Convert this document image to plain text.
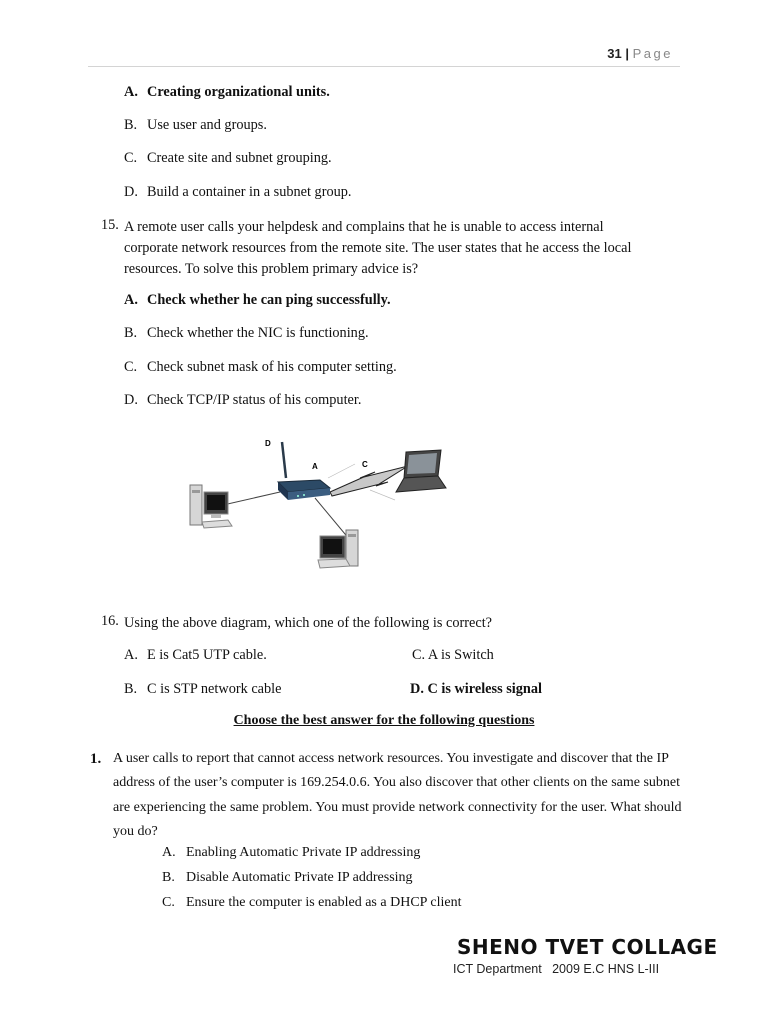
31 | Page
A. Creating organizational units.
B. Use user and groups.
C. Create site and subnet grouping.
D. Build a container in a subnet group.
15. A remote user calls your helpdesk and complains that he is unable to access internal
corporate network resources from the remote site. The user states that he access the local
resources. To solve this problem primary advice is?
A. Check whether he can ping successfully.
B. Check whether the NIC is functioning.
C. Check subnet mask of his computer setting.
D. Check TCP/IP status of his computer.
D
A	C
16. Using the above diagram, which one of the following is correct?
A. E is Cat5 UTP cable.	C. A is Switch
B. C is STP network cable	D. C is wireless signal
Choose the best answer for the following questions
1. A user calls to report that cannot access network resources. You investigate and discover that the IP address of the user’s computer is 169.254.0.6. You also discover that other clients on the same subnet are experiencing the same problem. You must provide network connectivity for the user. What should you do?
A. Enabling Automatic Private IP addressing
B. Disable Automatic Private IP addressing
C. Ensure the computer is enabled as a DHCP client
SHENO TVET COLLAGE
ICT Department   2009 E.C HNS L-III
